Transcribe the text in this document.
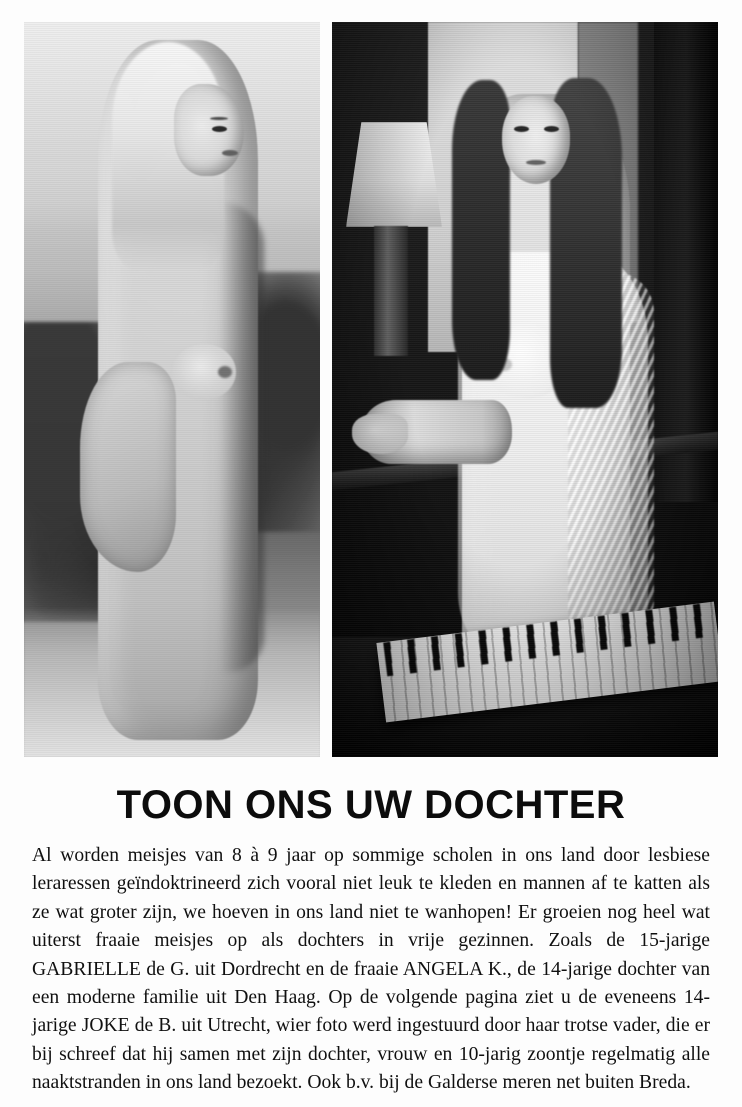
TOON ONS UW DOCHTER

Al worden meisjes van 8 à 9 jaar op sommige scholen in ons land door lesbiese leraressen geïndoktrineerd zich vooral niet leuk te kleden en mannen af te katten als ze wat groter zijn, we hoeven in ons land niet te wanhopen! Er groeien nog heel wat uiterst fraaie meisjes op als dochters in vrije gezinnen. Zoals de 15-jarige GABRIELLE de G. uit Dordrecht en de fraaie ANGELA K., de 14-jarige dochter van een moderne familie uit Den Haag. Op de volgende pagina ziet u de eveneens 14-jarige JOKE de B. uit Utrecht, wier foto werd ingestuurd door haar trotse vader, die er bij schreef dat hij samen met zijn dochter, vrouw en 10-jarig zoontje regelmatig alle naaktstranden in ons land bezoekt. Ook b.v. bij de Galderse meren net buiten Breda.
